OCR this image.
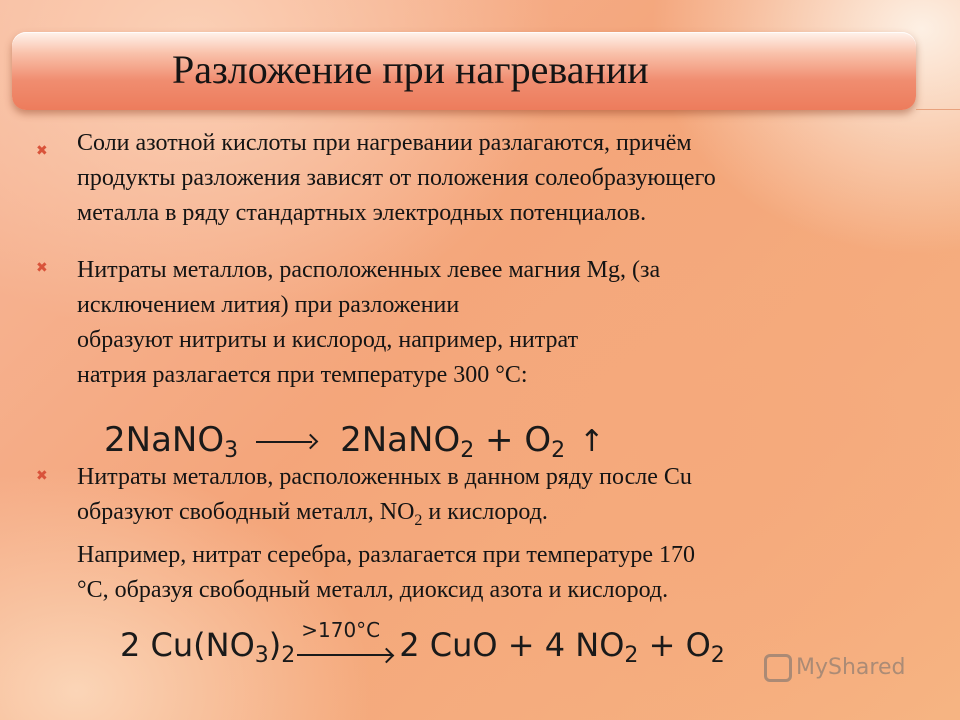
Разложение при нагревании
✖ Соли азотной кислоты при нагревании разлагаются, причём
продукты разложения зависят от положения солеобразующего
металла в ряду стандартных электродных потенциалов.
✖ Нитраты металлов, расположенных левее магния Mg, (за
исключением лития) при разложении
образуют нитриты и кислород, например, нитрат
натрия разлагается при температуре 300 °С:
2NaNO$_3$	2NaNO$_2$ + $O_2$ ↑
✖ Нитраты металлов, расположенных в данном ряду после Cu
образуют свободный металл, $NO_2$ и кислород.
Например, нитрат серебра, разлагается при температуре 170
°С, образуя свободный металл, диоксид азота и кислород.
2 $Cu(NO_3)_2$
>170°C 2 CuO + 4 $NO_2 + O_2$	MyShared
